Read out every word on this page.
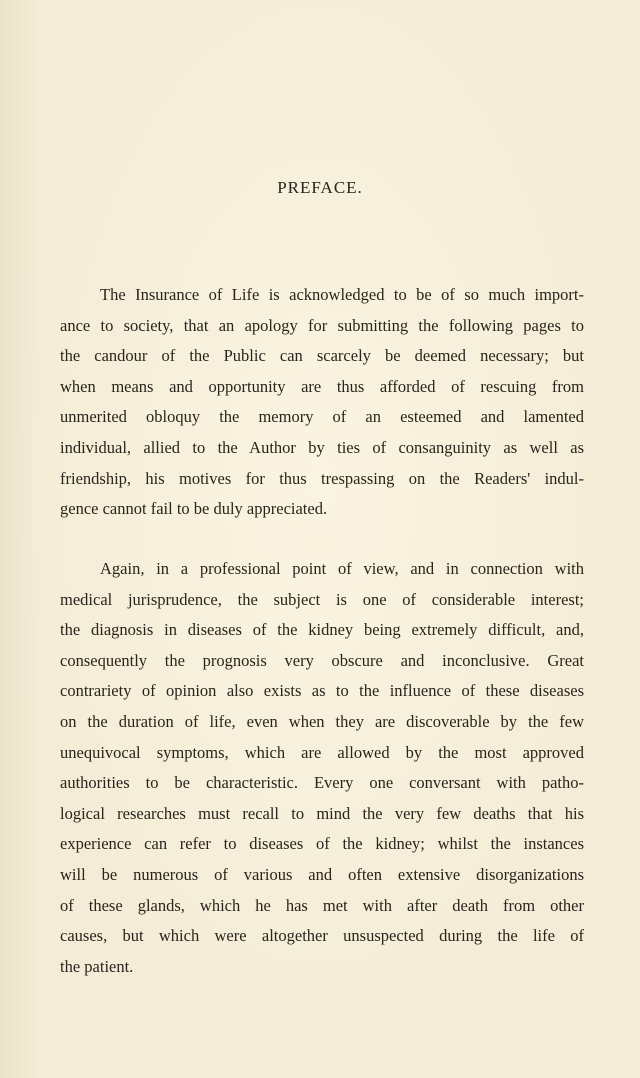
PREFACE.
The Insurance of Life is acknowledged to be of so much import-
ance to society, that an apology for submitting the following pages to
the candour of the Public can scarcely be deemed necessary; but
when means and opportunity are thus afforded of rescuing from
unmerited obloquy the memory of an esteemed and lamented
individual, allied to the Author by ties of consanguinity as well as
friendship, his motives for thus trespassing on the Readers' indul-
gence cannot fail to be duly appreciated.
Again, in a professional point of view, and in connection with
medical jurisprudence, the subject is one of considerable interest;
the diagnosis in diseases of the kidney being extremely difficult, and,
consequently the prognosis very obscure and inconclusive. Great
contrariety of opinion also exists as to the influence of these diseases
on the duration of life, even when they are discoverable by the few
unequivocal symptoms, which are allowed by the most approved
authorities to be characteristic. Every one conversant with patho-
logical researches must recall to mind the very few deaths that his
experience can refer to diseases of the kidney; whilst the instances
will be numerous of various and often extensive disorganizations
of these glands, which he has met with after death from other
causes, but which were altogether unsuspected during the life of
the patient.
